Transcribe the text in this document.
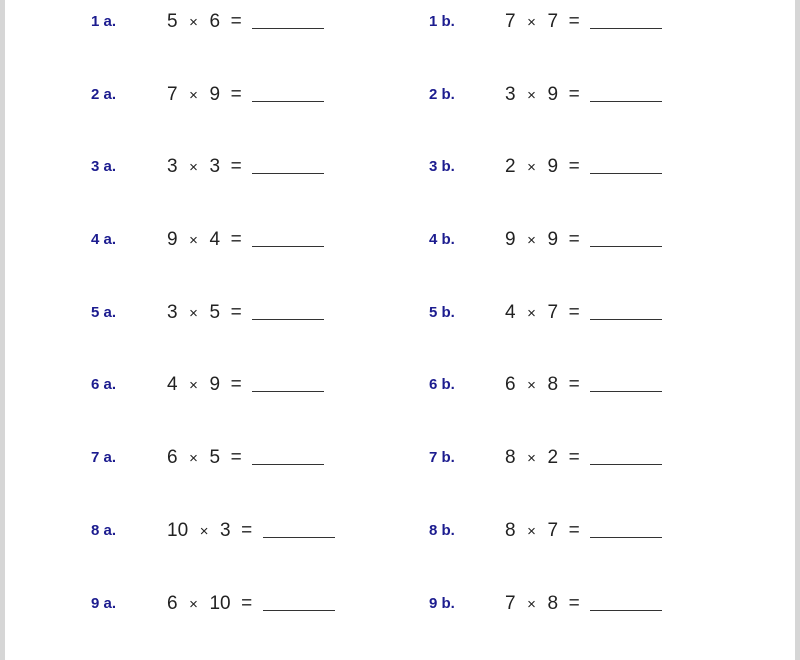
1 a.	5 × 6 =	1 b.	7 × 7 =
2 a.	7 × 9 =	2 b.	3 × 9 =
3 a.	3 × 3 =	3 b.	2 × 9 =
4 a.	9 × 4 =	4 b.	9 × 9 =
5 a.	3 × 5 =	5 b.	4 × 7 =
6 a.	4 × 9 =	6 b.	6 × 8 =
7 a.	6 × 5 =	7 b.	8 × 2 =
8 a.	10 × 3 =	8 b.	8 × 7 =
9 a.	6 × 10 =	9 b.	7 × 8 =
